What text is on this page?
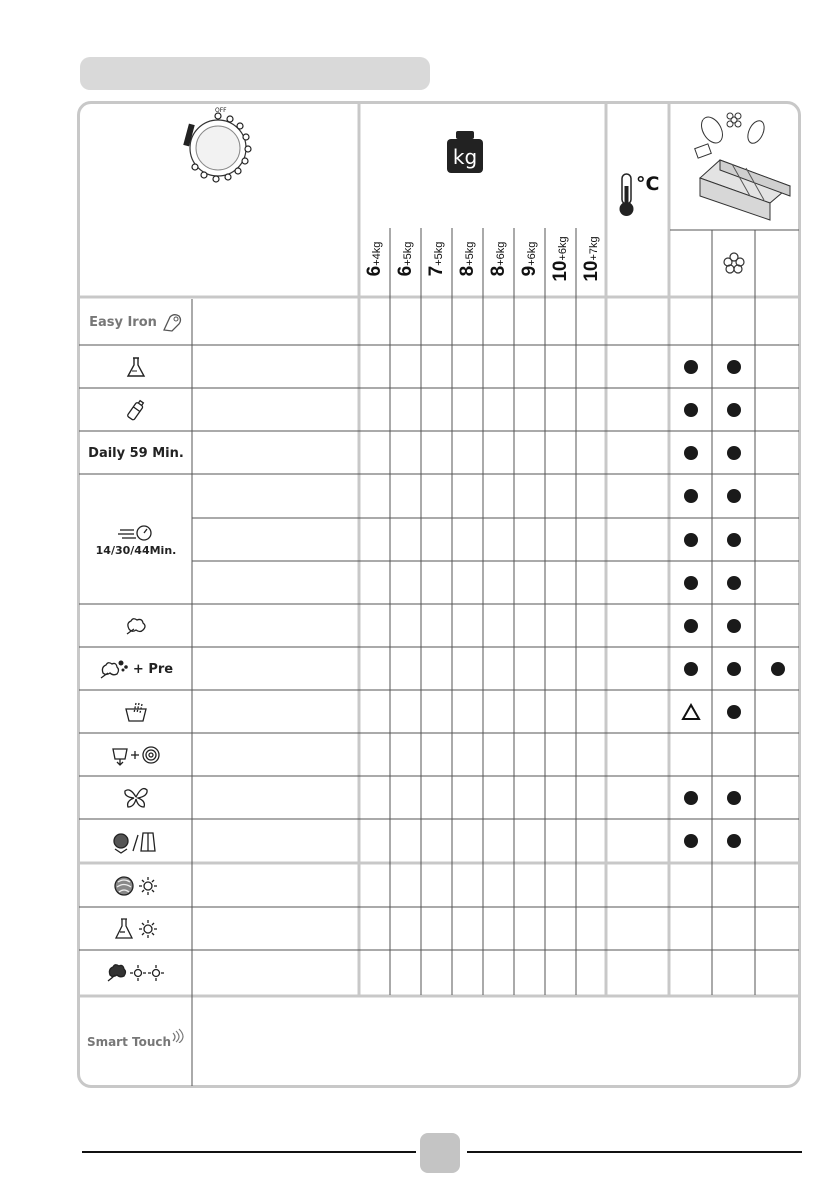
OFF
kg
°C
6+4kg
6+5kg
7+5kg
8+5kg
8+6kg
9+6kg
10+6kg
10+7kg
Easy Iron
Daily 59 Min.
14/30/44Min.
+ Pre
Smart Touch
